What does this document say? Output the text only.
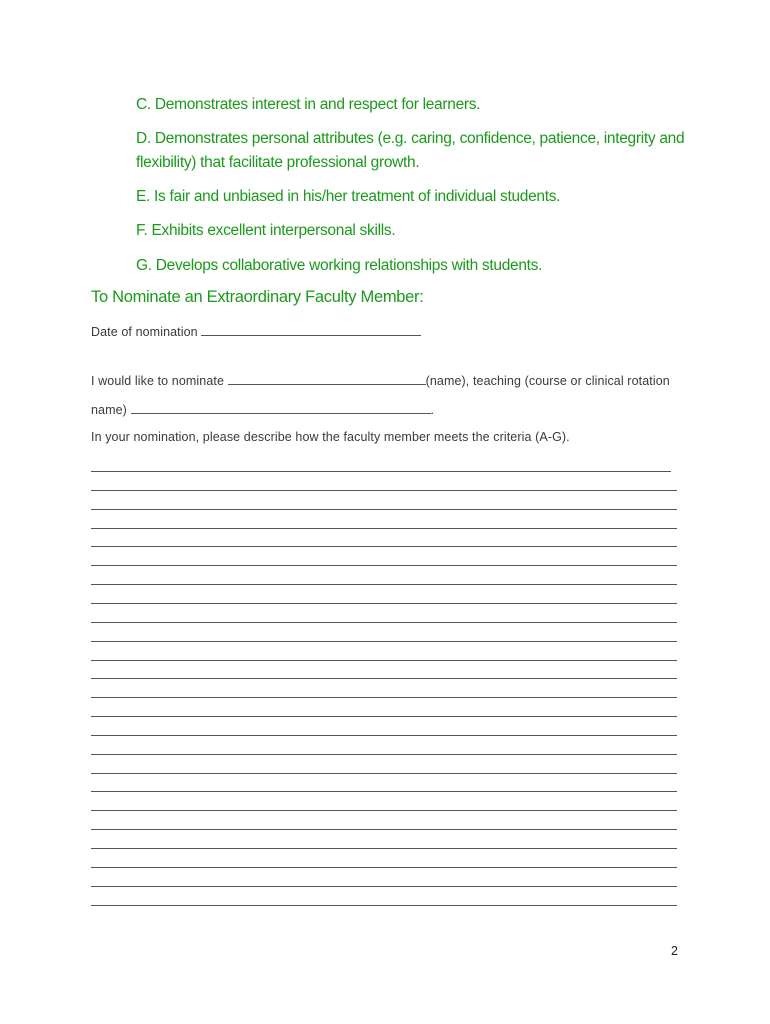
C. Demonstrates interest in and respect for learners.
D. Demonstrates personal attributes (e.g. caring, confidence, patience, integrity and flexibility) that facilitate professional growth.
E. Is fair and unbiased in his/her treatment of individual students.
F. Exhibits excellent interpersonal skills.
G. Develops collaborative working relationships with students.
To Nominate an Extraordinary Faculty Member:
Date of nomination
I would like to nominate	(name), teaching (course or clinical rotation
name)	.
In your nomination, please describe how the faculty member meets the criteria (A-G).
2
